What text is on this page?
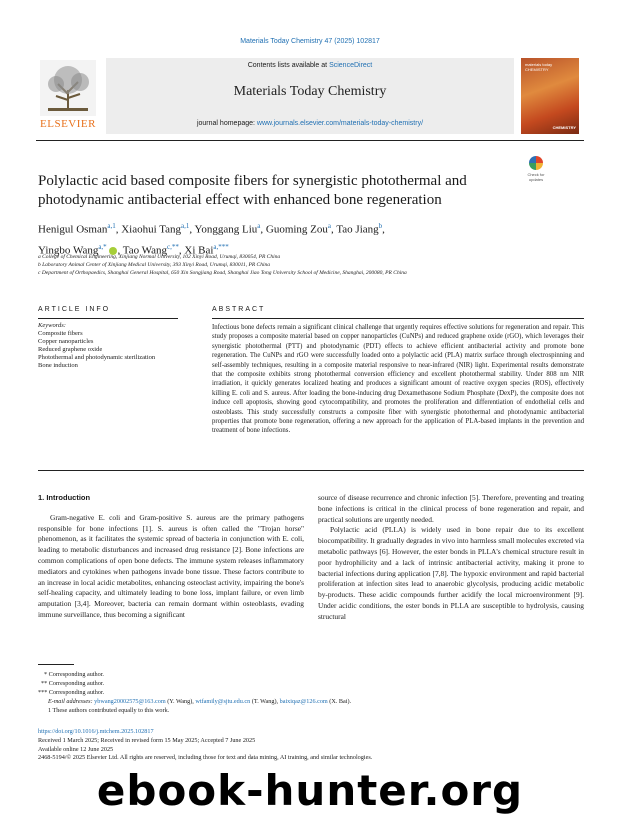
Materials Today Chemistry 47 (2025) 102817
ELSEVIER
Contents lists available at ScienceDirect
Materials Today Chemistry
journal homepage: www.journals.elsevier.com/materials-today-chemistry/
materials today CHEMISTRY
CHEMISTRY
Polylactic acid based composite fibers for synergistic photothermal and photodynamic antibacterial effect with enhanced bone regeneration
Check for updates
Henigul Osman$^{a,1}$, Xiaohui Tang$^{a,1}$, Yonggang Liu$^a$, Guoming Zou$^a$, Tao Jiang$^b$,
Yingbo Wang$^{a,*}$ , Tao Wang$^{c,**}$, Xi Bai$^{a,***}$
a College of Chemical Engineering, Xinjiang Normal University, 102 Xinyi Road, Urumqi, 830054, PR China
b Laboratory Animal Center of Xinjiang Medical University, 393 Xinyi Road, Urumqi, 830011, PR China
c Department of Orthopaedics, Shanghai General Hospital, 650 Xin Songjiang Road, Shanghai Jiao Tong University School of Medicine, Shanghai, 200080, PR China
ARTICLE INFO	ABSTRACT
Keywords:
Composite fibers
Copper nanoparticles
Reduced graphene oxide
Photothermal and photodynamic sterilization
Bone induction
Infectious bone defects remain a significant clinical challenge that urgently requires effective solutions for regeneration and repair. This study proposes a composite material based on copper nanoparticles (CuNPs) and reduced graphene oxide (rGO), which leverages their synergistic photothermal (PTT) and photodynamic (PDT) effects to achieve efficient antibacterial activity and promote bone regeneration. The CuNPs and rGO were successfully loaded onto a polylactic acid (PLA) matrix surface through electrospinning and self-assembly techniques, resulting in a composite material responsive to near-infrared (NIR) light. Experimental results demonstrate that the composite exhibits strong photothermal conversion efficiency and excellent photothermal stability. Under 808 nm NIR irradiation, it quickly generates localized heating and produces a significant amount of reactive oxygen species (ROS), effectively killing E. coli and S. aureus. After loading the bone-inducing drug Dexamethasone Sodium Phosphate (DexP), the composite does not induce cell apoptosis, showing good cytocompatibility, and promotes the proliferation and differentiation of endothelial cells and osteoblasts. This study successfully constructs a composite fiber with synergistic photothermal and photodynamic antibacterial properties that promote bone regeneration, offering a new approach for the application of PLA-based implants in the prevention and treatment of bone infections.
1. Introduction

Gram-negative E. coli and Gram-positive S. aureus are the primary pathogens responsible for bone infections [1]. S. aureus is often called the "Trojan horse" phenomenon, as it facilitates the systemic spread of bacteria in conjunction with E. coli, leading to metabolic disturbances and increased drug resistance [2]. Bone infections are common complications of open bone defects. The immune system releases inflammatory mediators and cytokines when pathogens invade bone tissue. These factors contribute to an increase in local acidic metabolites, enhancing osteoclast activity, impairing the bone's self-healing capacity, and ultimately leading to bone loss, implant failure, or even limb amputation [3,4]. Moreover, bacteria can remain dormant within osteoblasts, evading immune surveillance, thus becoming a significant

source of disease recurrence and chronic infection [5]. Therefore, preventing and treating bone infections is critical in the clinical process of bone regeneration and repair, and practical solutions are urgently needed.

Polylactic acid (PLLA) is widely used in bone repair due to its excellent biocompatibility. It gradually degrades in vivo into harmless small molecules excreted via metabolic pathways [6]. However, the ester bonds in PLLA's chemical structure result in poor hydrophilicity and a lack of intrinsic antibacterial activity, making it prone to bacterial infections during application [7,8]. The hypoxic environment and rapid bacterial proliferation at infection sites lead to anaerobic glycolysis, producing acidic metabolic by-products. These acidic compounds further acidify the local microenvironment [9]. Under acidic conditions, the ester bonds in PLLA are susceptible to hydrolysis, causing structural

* Corresponding author.
** Corresponding author.
*** Corresponding author.
E-mail addresses: ybwang20002575@163.com (Y. Wang), wtfamily@sjtu.edu.cn (T. Wang), baixiqaz@126.com (X. Bai).
1 These authors contributed equally to this work.
https://doi.org/10.1016/j.mtchem.2025.102817
Received 1 March 2025; Received in revised form 15 May 2025; Accepted 7 June 2025
Available online 12 June 2025
2468-5194/© 2025 Elsevier Ltd. All rights are reserved, including those for text and data mining, AI training, and similar technologies.
ebook-hunter.org
